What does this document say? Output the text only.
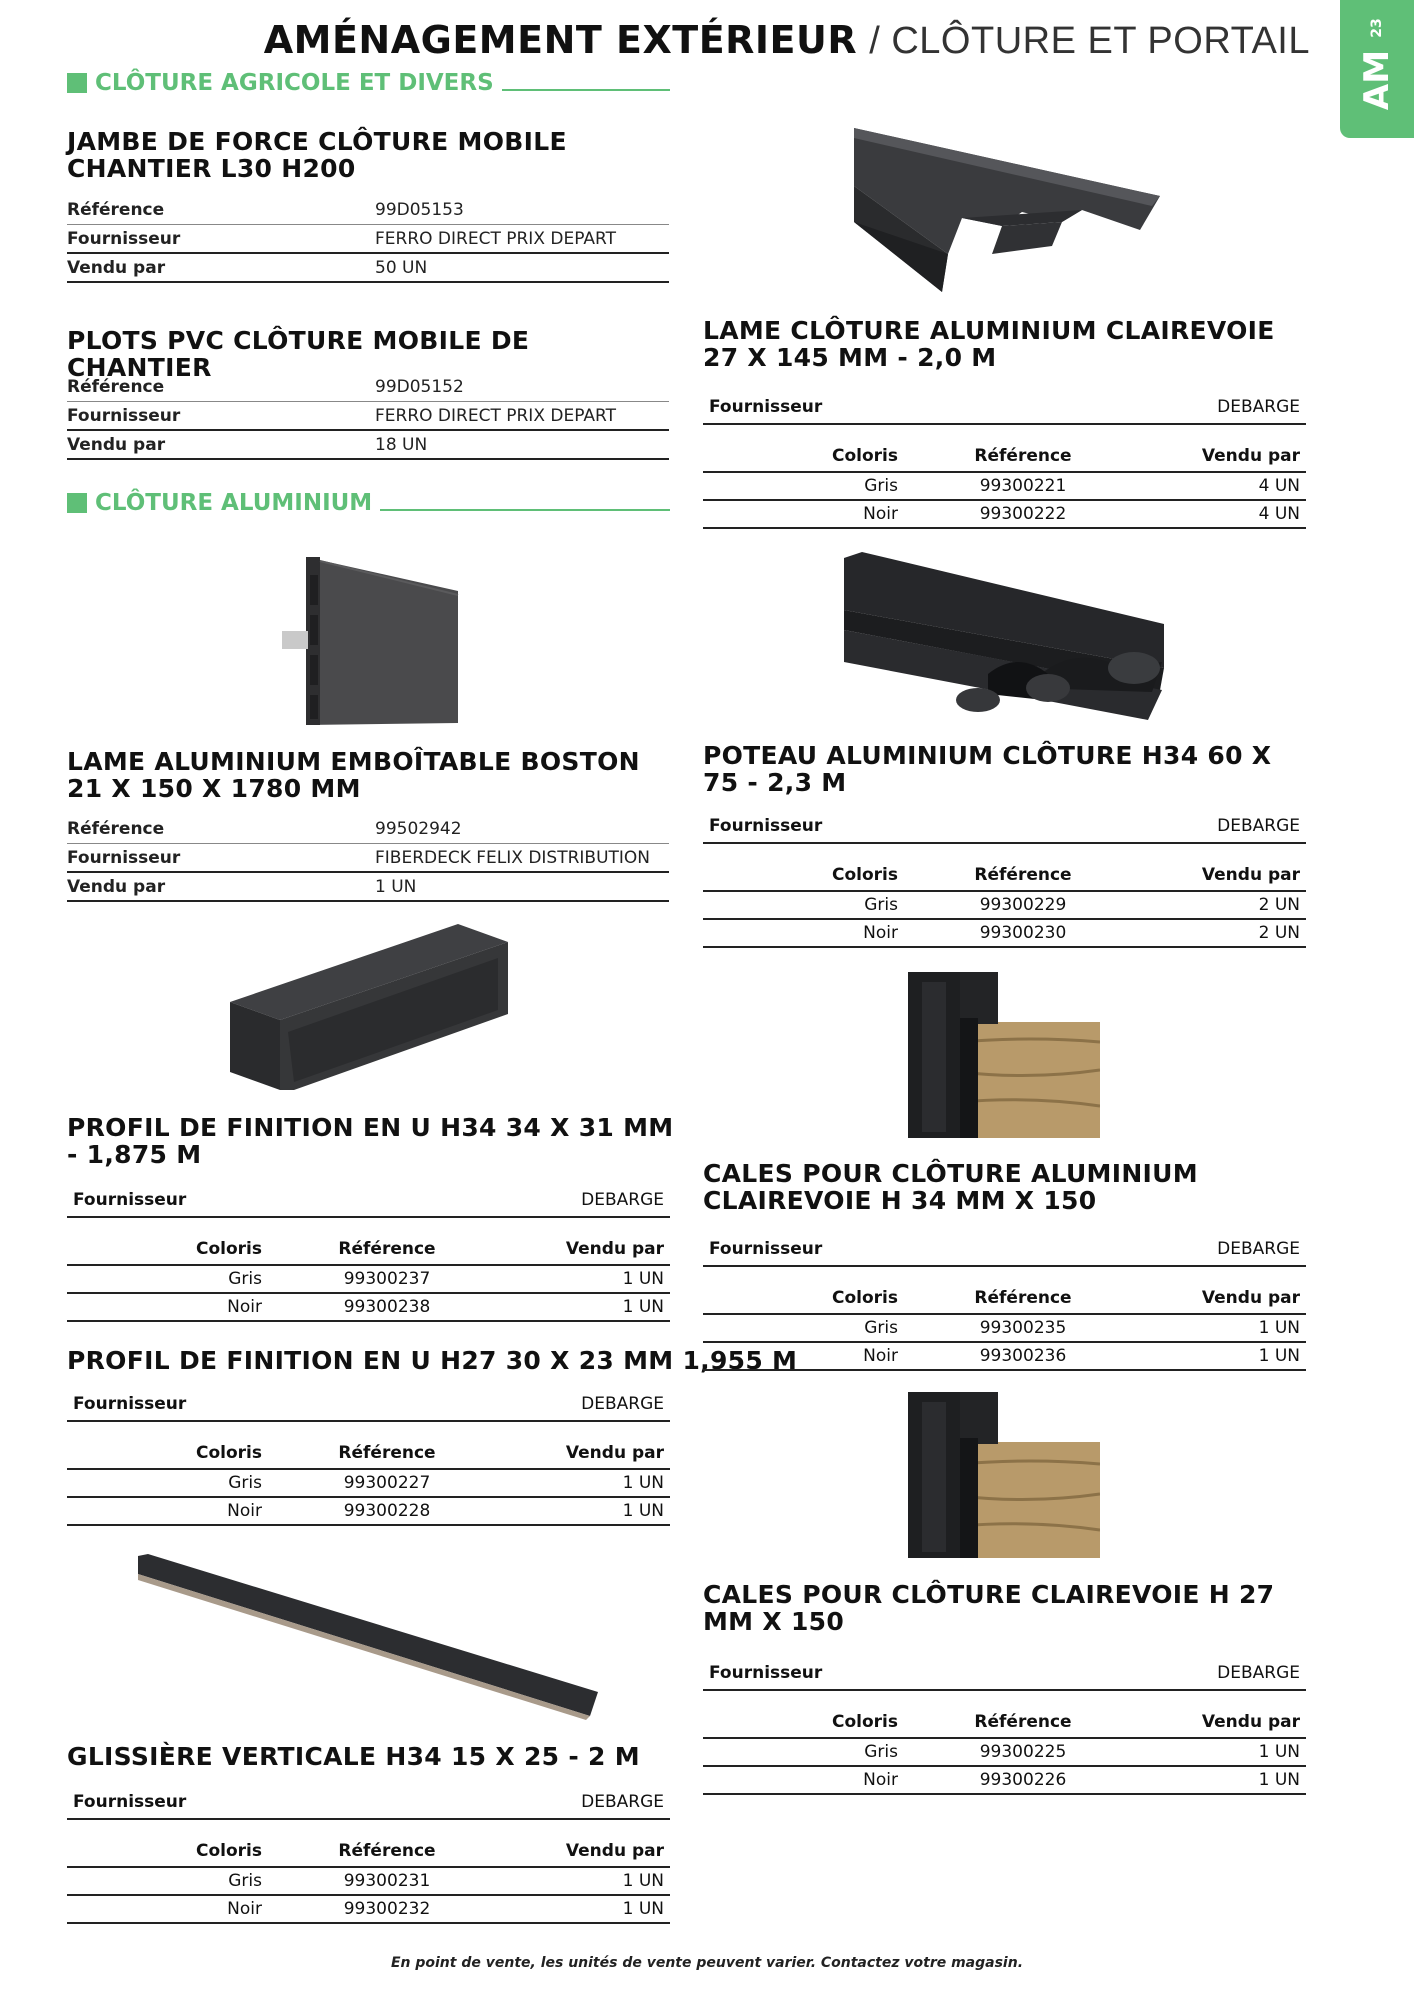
AMÉNAGEMENT EXTÉRIEUR / CLÔTURE ET PORTAIL	23
AM
CLÔTURE AGRICOLE ET DIVERS
JAMBE DE FORCE CLÔTURE MOBILE CHANTIER L30 H200
Référence	99D05153
Fournisseur	FERRO DIRECT PRIX DEPART
Vendu par	50 UN
PLOTS PVC CLÔTURE MOBILE DE CHANTIER
Référence	99D05152
Fournisseur	FERRO DIRECT PRIX DEPART
Vendu par	18 UN
CLÔTURE ALUMINIUM
LAME ALUMINIUM EMBOÎTABLE BOSTON 21 X 150 X 1780 MM
Référence	99502942
Fournisseur	FIBERDECK FELIX DISTRIBUTION
Vendu par	1 UN
PROFIL DE FINITION EN U H34 34 X 31 MM - 1,875 M
Fournisseur	DEBARGE
Coloris	Référence	Vendu par
Gris	99300237	1 UN
Noir	99300238	1 UN
PROFIL DE FINITION EN U H27 30 X 23 MM 1,955 M
Fournisseur	DEBARGE
Coloris	Référence	Vendu par
Gris	99300227	1 UN
Noir	99300228	1 UN
GLISSIÈRE VERTICALE H34 15 X 25 - 2 M
Fournisseur	DEBARGE
Coloris	Référence	Vendu par
Gris	99300231	1 UN
Noir	99300232	1 UN
LAME CLÔTURE ALUMINIUM CLAIREVOIE 27 X 145 MM - 2,0 M
Fournisseur	DEBARGE
Coloris	Référence	Vendu par
Gris	99300221	4 UN
Noir	99300222	4 UN
POTEAU ALUMINIUM CLÔTURE H34 60 X 75 - 2,3 M
Fournisseur	DEBARGE
Coloris	Référence	Vendu par
Gris	99300229	2 UN
Noir	99300230	2 UN
CALES POUR CLÔTURE ALUMINIUM CLAIREVOIE H 34 MM X 150
Fournisseur	DEBARGE
Coloris	Référence	Vendu par
Gris	99300235	1 UN
Noir	99300236	1 UN
CALES POUR CLÔTURE CLAIREVOIE H 27 MM X 150
Fournisseur	DEBARGE
Coloris	Référence	Vendu par
Gris	99300225	1 UN
Noir	99300226	1 UN
En point de vente, les unités de vente peuvent varier. Contactez votre magasin.
